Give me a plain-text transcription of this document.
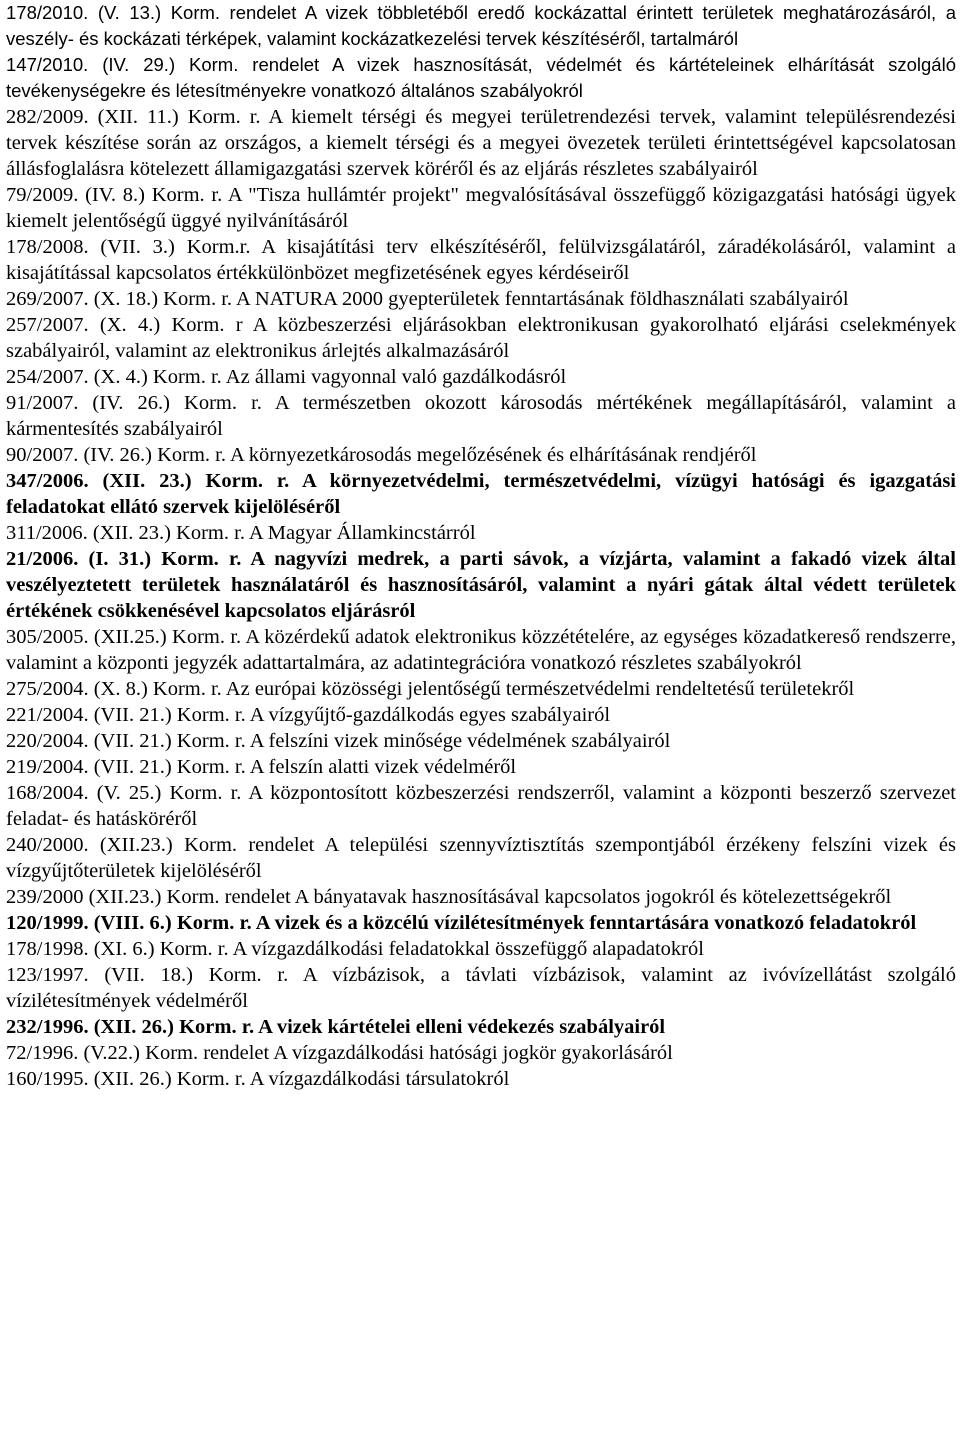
178/2010. (V. 13.) Korm. rendelet A vizek többletéből eredő kockázattal érintett területek meghatározásáról, a veszély- és kockázati térképek, valamint kockázatkezelési tervek készítéséről, tartalmáról

147/2010. (IV. 29.) Korm. rendelet A vizek hasznosítását, védelmét és kártételeinek elhárítását szolgáló tevékenységekre és létesítményekre vonatkozó általános szabályokról

282/2009. (XII. 11.) Korm. r. A kiemelt térségi és megyei területrendezési tervek, valamint településrendezési tervek készítése során az országos, a kiemelt térségi és a megyei övezetek területi érintettségével kapcsolatosan állásfoglalásra kötelezett államigazgatási szervek köréről és az eljárás részletes szabályairól

79/2009. (IV. 8.) Korm. r. A "Tisza hullámtér projekt" megvalósításával összefüggő közigazgatási hatósági ügyek kiemelt jelentőségű üggyé nyilvánításáról

178/2008. (VII. 3.) Korm.r. A kisajátítási terv elkészítéséről, felülvizsgálatáról, záradékolásáról, valamint a kisajátítással kapcsolatos értékkülönbözet megfizetésének egyes kérdéseiről

269/2007. (X. 18.) Korm. r. A NATURA 2000 gyepterületek fenntartásának földhasználati szabályairól

257/2007. (X. 4.) Korm. r A közbeszerzési eljárásokban elektronikusan gyakorolható eljárási cselekmények szabályairól, valamint az elektronikus árlejtés alkalmazásáról

254/2007. (X. 4.) Korm. r. Az állami vagyonnal való gazdálkodásról

91/2007. (IV. 26.) Korm. r. A természetben okozott károsodás mértékének megállapításáról, valamint a kármentesítés szabályairól

90/2007. (IV. 26.) Korm. r. A környezetkárosodás megelőzésének és elhárításának rendjéről

347/2006. (XII. 23.) Korm. r. A környezetvédelmi, természetvédelmi, vízügyi hatósági és igazgatási feladatokat ellátó szervek kijelöléséről

311/2006. (XII. 23.) Korm. r. A Magyar Államkincstárról

21/2006. (I. 31.) Korm. r. A nagyvízi medrek, a parti sávok, a vízjárta, valamint a fakadó vizek által veszélyeztetett területek használatáról és hasznosításáról, valamint a nyári gátak által védett területek értékének csökkenésével kapcsolatos eljárásról

305/2005. (XII.25.) Korm. r. A közérdekű adatok elektronikus közzétételére, az egységes közadatkereső rendszerre, valamint a központi jegyzék adattartalmára, az adatintegrációra vonatkozó részletes szabályokról

275/2004. (X. 8.) Korm. r. Az európai közösségi jelentőségű természetvédelmi rendeltetésű területekről

221/2004. (VII. 21.) Korm. r. A vízgyűjtő-gazdálkodás egyes szabályairól

220/2004. (VII. 21.) Korm. r. A felszíni vizek minősége védelmének szabályairól

219/2004. (VII. 21.) Korm. r. A felszín alatti vizek védelméről

168/2004. (V. 25.) Korm. r. A központosított közbeszerzési rendszerről, valamint a központi beszerző szervezet feladat- és hatásköréről

240/2000. (XII.23.) Korm. rendelet A települési szennyvíztisztítás szempontjából érzékeny felszíni vizek és vízgyűjtőterületek kijelöléséről

239/2000 (XII.23.) Korm. rendelet A bányatavak hasznosításával kapcsolatos jogokról és kötelezettségekről

120/1999. (VIII. 6.) Korm. r. A vizek és a közcélú vízilétesítmények fenntartására vonatkozó feladatokról

178/1998. (XI. 6.) Korm. r. A vízgazdálkodási feladatokkal összefüggő alapadatokról

123/1997. (VII. 18.) Korm. r. A vízbázisok, a távlati vízbázisok, valamint az ivóvízellátást szolgáló vízilétesítmények védelméről

232/1996. (XII. 26.) Korm. r. A vizek kártételei elleni védekezés szabályairól

72/1996. (V.22.) Korm. rendelet A vízgazdálkodási hatósági jogkör gyakorlásáról

160/1995. (XII. 26.) Korm. r. A vízgazdálkodási társulatokról
